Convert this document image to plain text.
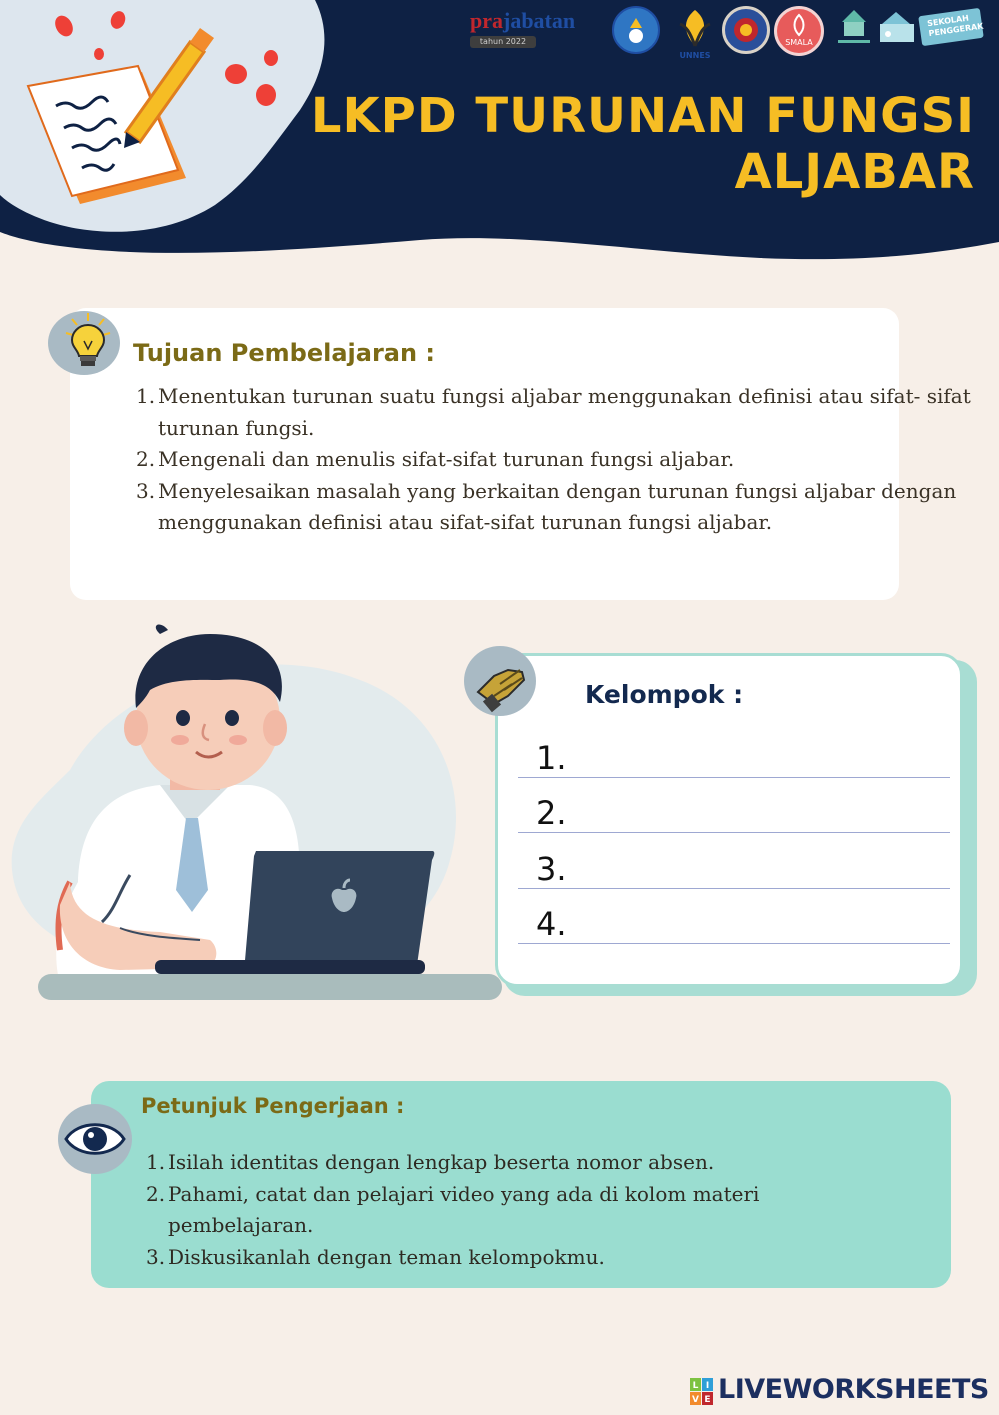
prajabatan
tahun 2022
UNNES
SMALA
SEKOLAH PENGGERAK
LKPD TURUNAN FUNGSI ALJABAR
Tujuan Pembelajaran :
1. Menentukan turunan suatu fungsi aljabar menggunakan definisi atau sifat- sifat turunan fungsi.
2. Mengenali dan menulis sifat-sifat turunan fungsi aljabar.
3. Menyelesaikan masalah yang berkaitan dengan turunan fungsi aljabar dengan menggunakan definisi atau sifat-sifat turunan fungsi aljabar.
Kelompok :
1.
2.
3.
4.
Petunjuk Pengerjaan :
1. Isilah identitas dengan lengkap beserta nomor absen.
2. Pahami, catat dan pelajari video yang ada di kolom materi pembelajaran.
3. Diskusikanlah dengan teman kelompokmu.
L I
V E LIVEWORKSHEETS
